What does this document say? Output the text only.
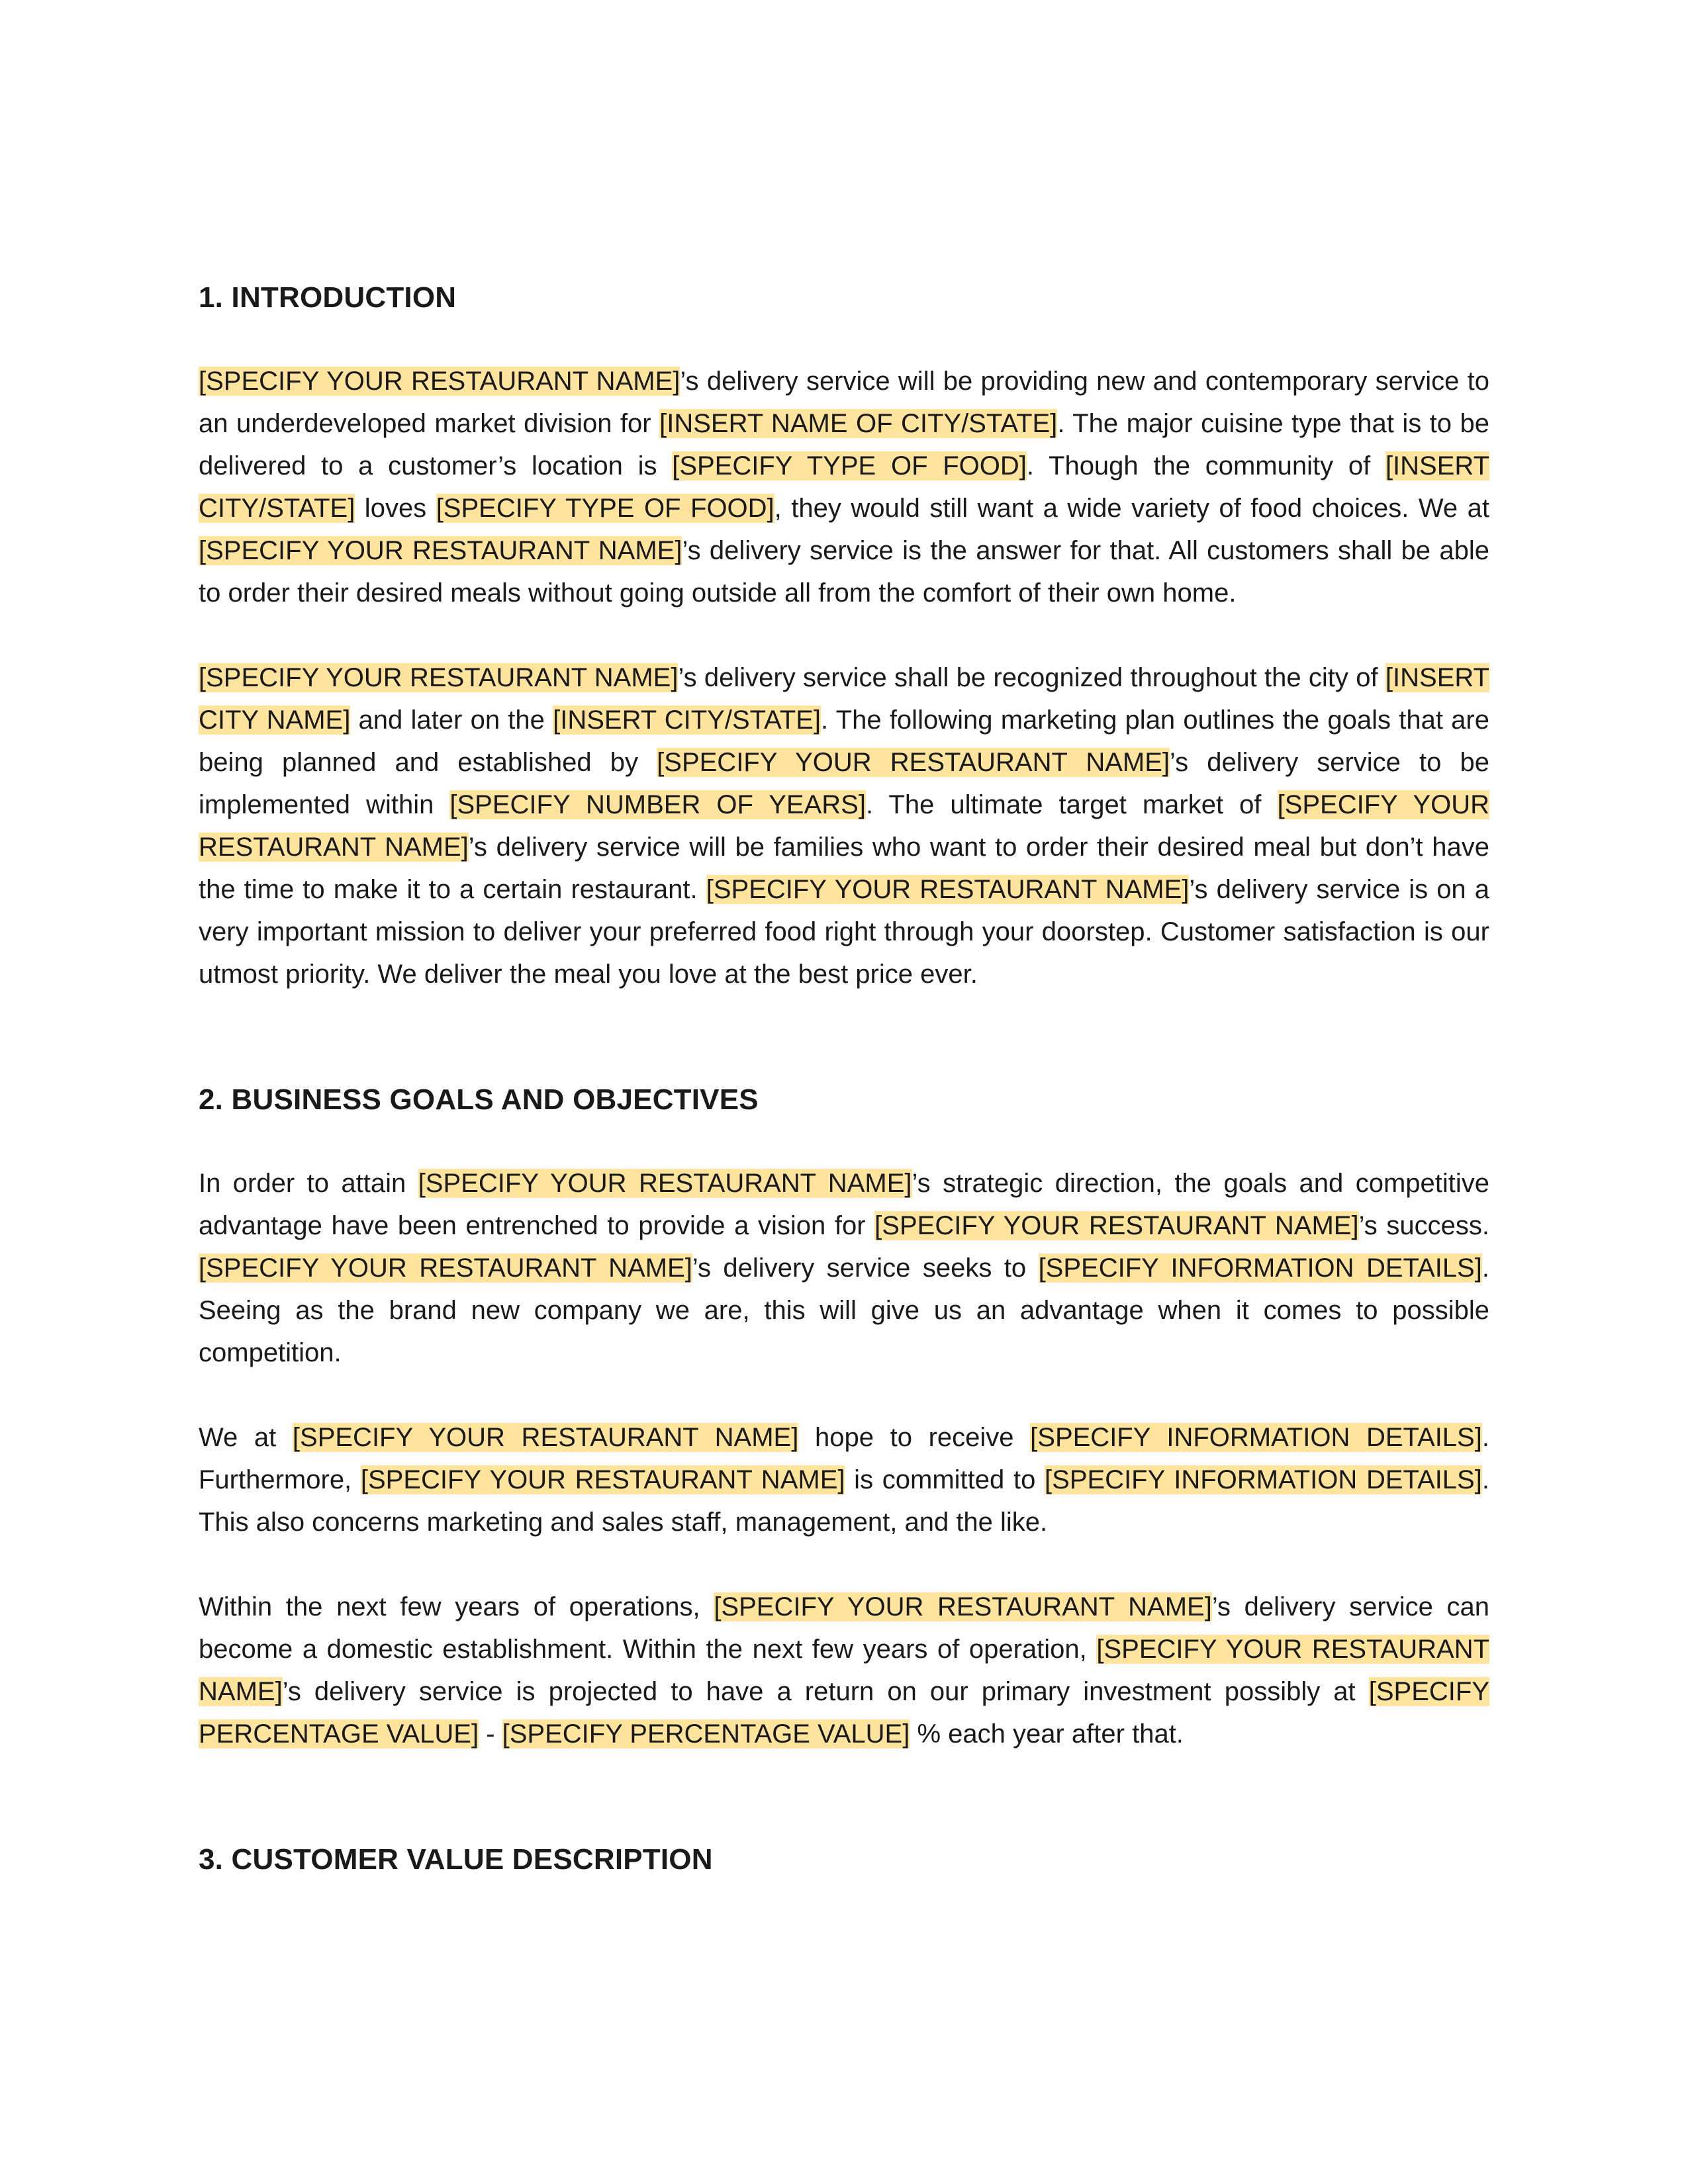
1. INTRODUCTION

[SPECIFY YOUR RESTAURANT NAME]’s delivery service will be providing new and contemporary service to an underdeveloped market division for [INSERT NAME OF CITY/STATE]. The major cuisine type that is to be delivered to a customer’s location is [SPECIFY TYPE OF FOOD]. Though the community of [INSERT CITY/STATE] loves [SPECIFY TYPE OF FOOD], they would still want a wide variety of food choices. We at [SPECIFY YOUR RESTAURANT NAME]’s delivery service is the answer for that. All customers shall be able to order their desired meals without going outside all from the comfort of their own home.

[SPECIFY YOUR RESTAURANT NAME]’s delivery service shall be recognized throughout the city of [INSERT CITY NAME] and later on the [INSERT CITY/STATE]. The following marketing plan outlines the goals that are being planned and established by [SPECIFY YOUR RESTAURANT NAME]’s delivery service to be implemented within [SPECIFY NUMBER OF YEARS]. The ultimate target market of [SPECIFY YOUR RESTAURANT NAME]’s delivery service will be families who want to order their desired meal but don’t have the time to make it to a certain restaurant. [SPECIFY YOUR RESTAURANT NAME]’s delivery service is on a very important mission to deliver your preferred food right through your doorstep. Customer satisfaction is our utmost priority. We deliver the meal you love at the best price ever.

2. BUSINESS GOALS AND OBJECTIVES

In order to attain [SPECIFY YOUR RESTAURANT NAME]’s strategic direction, the goals and competitive advantage have been entrenched to provide a vision for [SPECIFY YOUR RESTAURANT NAME]’s success. [SPECIFY YOUR RESTAURANT NAME]’s delivery service seeks to [SPECIFY INFORMATION DETAILS]. Seeing as the brand new company we are, this will give us an advantage when it comes to possible competition.

We at [SPECIFY YOUR RESTAURANT NAME] hope to receive [SPECIFY INFORMATION DETAILS]. Furthermore, [SPECIFY YOUR RESTAURANT NAME] is committed to [SPECIFY INFORMATION DETAILS]. This also concerns marketing and sales staff, management, and the like.

Within the next few years of operations, [SPECIFY YOUR RESTAURANT NAME]’s delivery service can become a domestic establishment. Within the next few years of operation, [SPECIFY YOUR RESTAURANT NAME]’s delivery service is projected to have a return on our primary investment possibly at [SPECIFY PERCENTAGE VALUE] - [SPECIFY PERCENTAGE VALUE] % each year after that.

3. CUSTOMER VALUE DESCRIPTION
